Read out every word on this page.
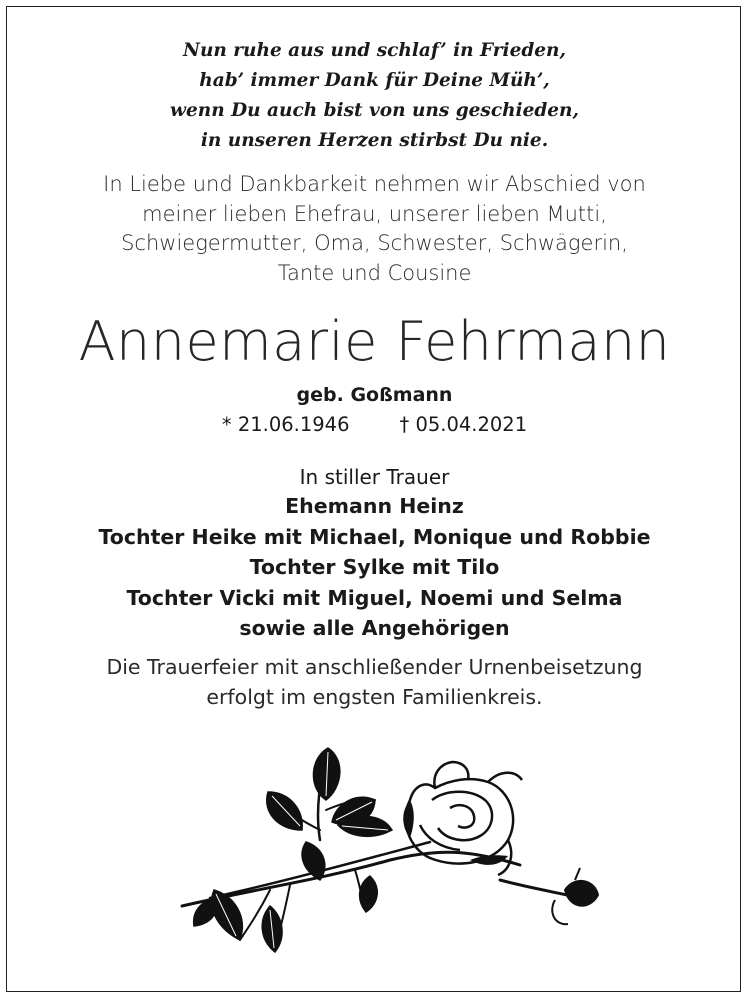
Nun ruhe aus und schlaf’ in Frieden,
hab’ immer Dank für Deine Müh’,
wenn Du auch bist von uns geschieden,
in unseren Herzen stirbst Du nie.
In Liebe und Dankbarkeit nehmen wir Abschied von
meiner lieben Ehefrau, unserer lieben Mutti,
Schwiegermutter, Oma, Schwester, Schwägerin,
Tante und Cousine
Annemarie Fehrmann
geb. Goßmann
* 21.06.1946	† 05.04.2021
In stiller Trauer
Ehemann Heinz
Tochter Heike mit Michael, Monique und Robbie
Tochter Sylke mit Tilo
Tochter Vicki mit Miguel, Noemi und Selma
sowie alle Angehörigen
Die Trauerfeier mit anschließender Urnenbeisetzung
erfolgt im engsten Familienkreis.
